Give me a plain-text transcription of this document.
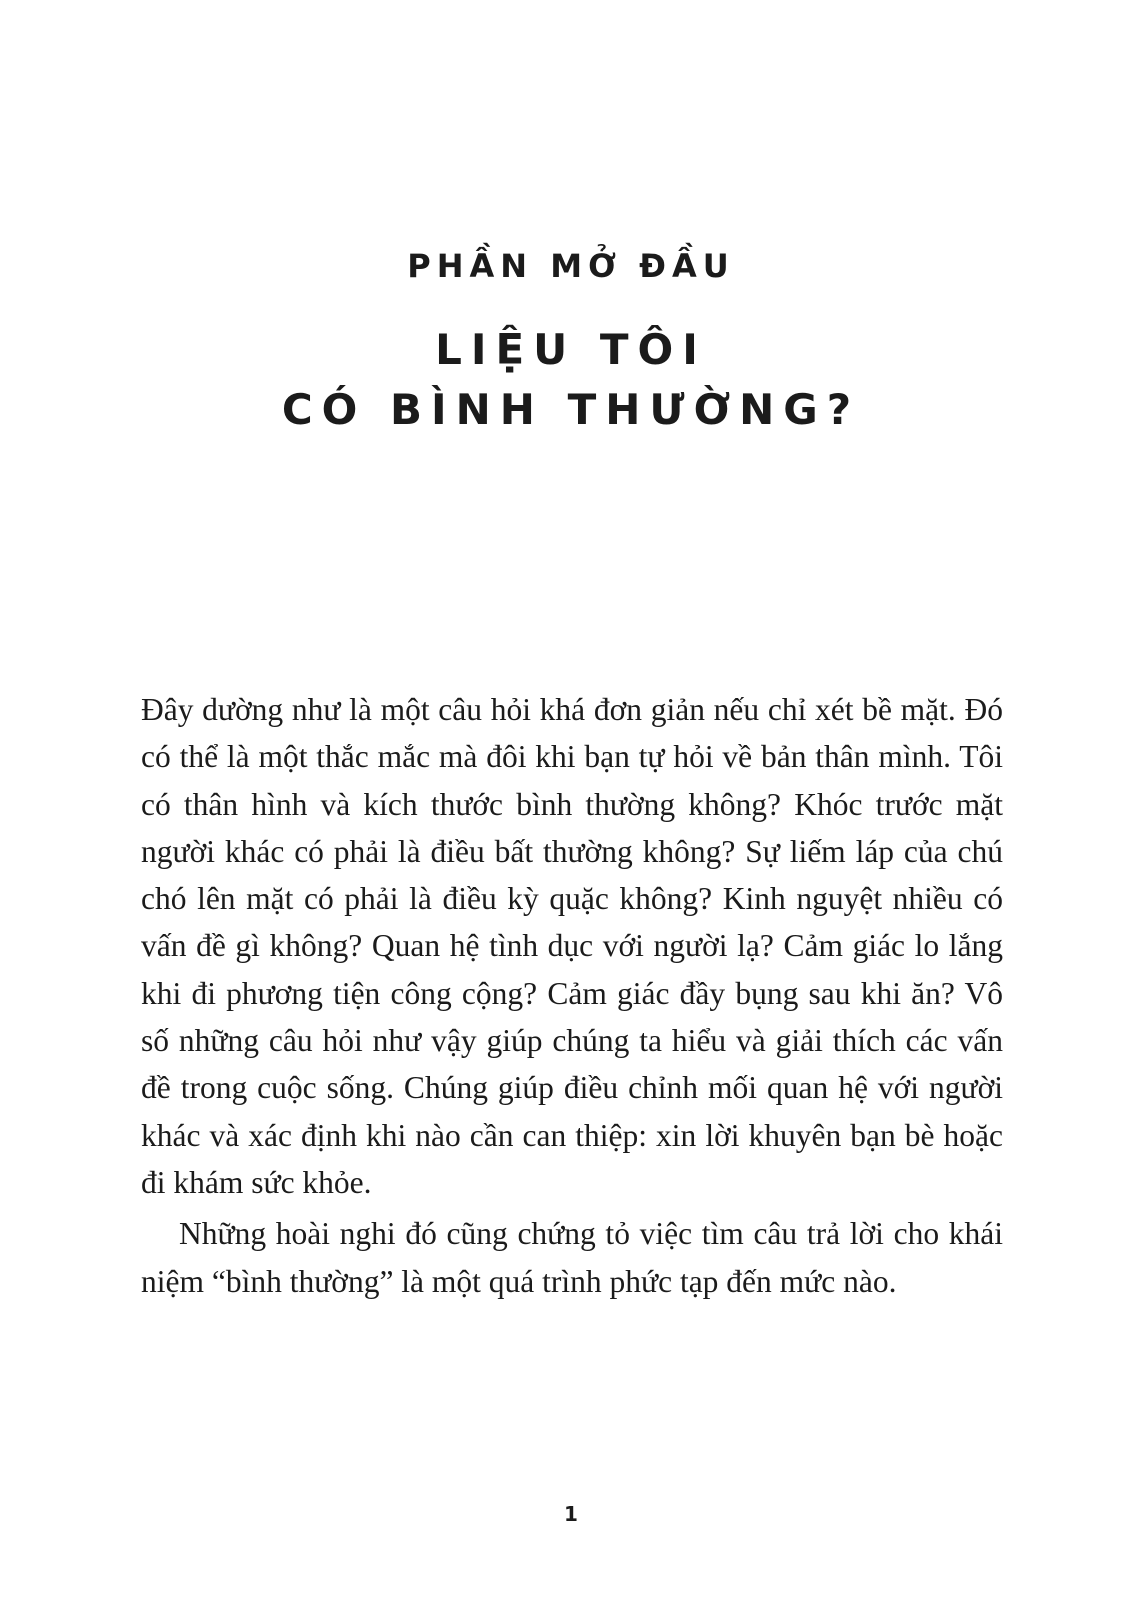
PHẦN MỞ ĐẦU
LIỆU TÔI
CÓ BÌNH THƯỜNG?

Đây dường như là một câu hỏi khá đơn giản nếu chỉ xét bề mặt. Đó có thể là một thắc mắc mà đôi khi bạn tự hỏi về bản thân mình. Tôi có thân hình và kích thước bình thường không? Khóc trước mặt người khác có phải là điều bất thường không? Sự liếm láp của chú chó lên mặt có phải là điều kỳ quặc không? Kinh nguyệt nhiều có vấn đề gì không? Quan hệ tình dục với người lạ? Cảm giác lo lắng khi đi phương tiện công cộng? Cảm giác đầy bụng sau khi ăn? Vô số những câu hỏi như vậy giúp chúng ta hiểu và giải thích các vấn đề trong cuộc sống. Chúng giúp điều chỉnh mối quan hệ với người khác và xác định khi nào cần can thiệp: xin lời khuyên bạn bè hoặc đi khám sức khỏe.

Những hoài nghi đó cũng chứng tỏ việc tìm câu trả lời cho khái niệm “bình thường” là một quá trình phức tạp đến mức nào.

1
